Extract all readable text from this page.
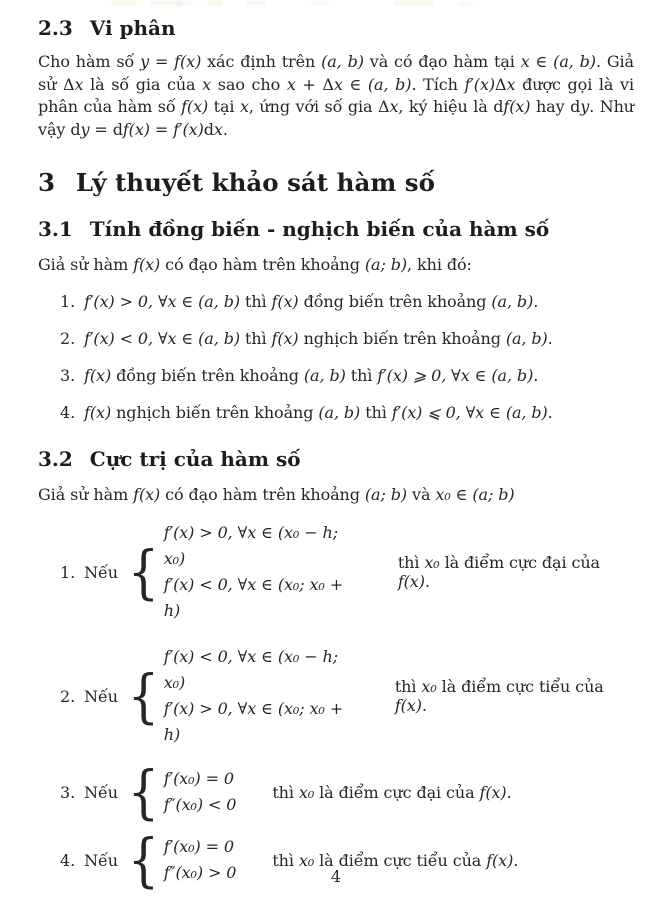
2.3 Vi phân
Cho hàm số y = f(x) xác định trên (a, b) và có đạo hàm tại x ∈ (a, b). Giả
sử Δx là số gia của x sao cho x + Δx ∈ (a, b). Tích f′(x)Δx được gọi là vi
phân của hàm số f(x) tại x, ứng với số gia Δx, ký hiệu là df(x) hay dy. Như
vậy dy = df(x) = f′(x)dx.
3 Lý thuyết khảo sát hàm số
3.1 Tính đồng biến - nghịch biến của hàm số
Giả sử hàm f(x) có đạo hàm trên khoảng (a; b), khi đó:
1. f′(x) > 0, ∀x ∈ (a, b) thì f(x) đồng biến trên khoảng (a, b).
2. f′(x) < 0, ∀x ∈ (a, b) thì f(x) nghịch biến trên khoảng (a, b).
3. f(x) đồng biến trên khoảng (a, b) thì f′(x) ⩾ 0, ∀x ∈ (a, b).
4. f(x) nghịch biến trên khoảng (a, b) thì f′(x) ⩽ 0, ∀x ∈ (a, b).
3.2 Cực trị của hàm số
Giả sử hàm f(x) có đạo hàm trên khoảng (a; b) và x₀ ∈ (a; b)
1. Nếu {
f′(x) > 0, ∀x ∈ (x₀ − h; x₀)
f′(x) < 0, ∀x ∈ (x₀; x₀ + h)
thì x₀ là điểm cực đại của f(x).
2. Nếu {
f′(x) < 0, ∀x ∈ (x₀ − h; x₀)
f′(x) > 0, ∀x ∈ (x₀; x₀ + h)
thì x₀ là điểm cực tiểu của f(x).
3. Nếu { f′(x₀) = 0
f″(x₀) < 0
thì x₀ là điểm cực đại của f(x).
4. Nếu { f′(x₀) = 0
f″(x₀) > 0
thì x₀ là điểm cực tiểu của f(x).
4
